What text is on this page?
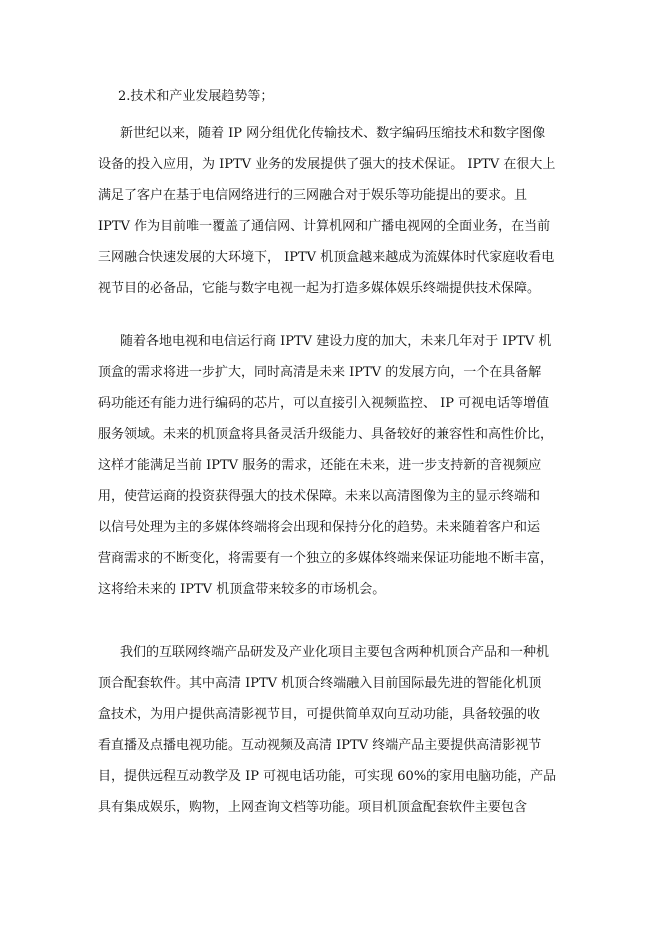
2.技术和产业发展趋势等；
新世纪以来，随着 IP 网分组优化传输技术、数字编码压缩技术和数字图像
设备的投入应用，为 IPTV 业务的发展提供了强大的技术保证。 IPTV 在很大上
满足了客户在基于电信网络进行的三网融合对于娱乐等功能提出的要求。且
IPTV 作为目前唯一覆盖了通信网、计算机网和广播电视网的全面业务，在当前
三网融合快速发展的大环境下， IPTV 机顶盒越来越成为流媒体时代家庭收看电
视节目的必备品，它能与数字电视一起为打造多媒体娱乐终端提供技术保障。
随着各地电视和电信运行商 IPTV 建设力度的加大，未来几年对于 IPTV 机
顶盒的需求将进一步扩大，同时高清是未来 IPTV 的发展方向，一个在具备解
码功能还有能力进行编码的芯片，可以直接引入视频监控、 IP 可视电话等增值
服务领域。未来的机顶盒将具备灵活升级能力、具备较好的兼容性和高性价比，
这样才能满足当前 IPTV 服务的需求，还能在未来，进一步支持新的音视频应
用，使营运商的投资获得强大的技术保障。未来以高清图像为主的显示终端和
以信号处理为主的多媒体终端将会出现和保持分化的趋势。未来随着客户和运
营商需求的不断变化，将需要有一个独立的多媒体终端来保证功能地不断丰富，
这将给未来的 IPTV 机顶盒带来较多的市场机会。
我们的互联网终端产品研发及产业化项目主要包含两种机顶合产品和一种机
顶合配套软件。其中高清 IPTV 机顶合终端融入目前国际最先进的智能化机顶
盒技术，为用户提供高清影视节目，可提供简单双向互动功能，具备较强的收
看直播及点播电视功能。互动视频及高清 IPTV 终端产品主要提供高清影视节
目，提供远程互动教学及 IP 可视电话功能，可实现 60%的家用电脑功能，产品
具有集成娱乐，购物，上网查询文档等功能。项目机顶盒配套软件主要包含
